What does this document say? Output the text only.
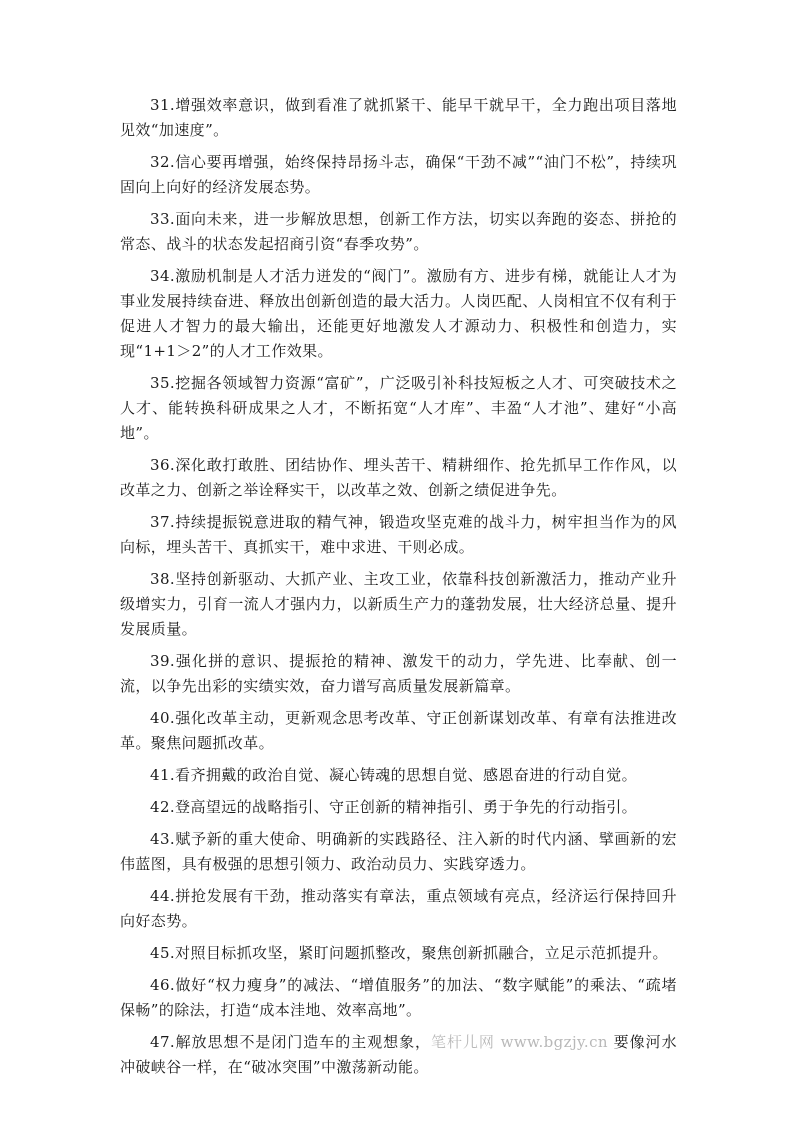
31.增强效率意识，做到看准了就抓紧干、能早干就早干，全力跑出项目落地见效“加速度”。

32.信心要再增强，始终保持昂扬斗志，确保“干劲不减”“油门不松”，持续巩固向上向好的经济发展态势。

33.面向未来，进一步解放思想，创新工作方法，切实以奔跑的姿态、拼抢的常态、战斗的状态发起招商引资“春季攻势”。

34.激励机制是人才活力迸发的“阀门”。激励有方、进步有梯，就能让人才为事业发展持续奋进、释放出创新创造的最大活力。人岗匹配、人岗相宜不仅有利于促进人才智力的最大输出，还能更好地激发人才源动力、积极性和创造力，实现“1+1＞2”的人才工作效果。

35.挖掘各领域智力资源“富矿”，广泛吸引补科技短板之人才、可突破技术之人才、能转换科研成果之人才，不断拓宽“人才库”、丰盈“人才池”、建好“小高地”。

36.深化敢打敢胜、团结协作、埋头苦干、精耕细作、抢先抓早工作作风，以改革之力、创新之举诠释实干，以改革之效、创新之绩促进争先。

37.持续提振锐意进取的精气神，锻造攻坚克难的战斗力，树牢担当作为的风向标，埋头苦干、真抓实干，难中求进、干则必成。

38.坚持创新驱动、大抓产业、主攻工业，依靠科技创新激活力，推动产业升级增实力，引育一流人才强内力，以新质生产力的蓬勃发展，壮大经济总量、提升发展质量。

39.强化拼的意识、提振抢的精神、激发干的动力，学先进、比奉献、创一流，以争先出彩的实绩实效，奋力谱写高质量发展新篇章。

40.强化改革主动，更新观念思考改革、守正创新谋划改革、有章有法推进改革。聚焦问题抓改革。

41.看齐拥戴的政治自觉、凝心铸魂的思想自觉、感恩奋进的行动自觉。

42.登高望远的战略指引、守正创新的精神指引、勇于争先的行动指引。

43.赋予新的重大使命、明确新的实践路径、注入新的时代内涵、擘画新的宏伟蓝图，具有极强的思想引领力、政治动员力、实践穿透力。

44.拼抢发展有干劲，推动落实有章法，重点领域有亮点，经济运行保持回升向好态势。

45.对照目标抓攻坚，紧盯问题抓整改，聚焦创新抓融合，立足示范抓提升。

46.做好“权力瘦身”的减法、“增值服务”的加法、“数字赋能”的乘法、“疏堵保畅”的除法，打造“成本洼地、效率高地”。

47.解放思想不是闭门造车的主观想象，笔杆儿网 www.bgzjy.cn 要像河水冲破峡谷一样，在“破冰突围”中激荡新动能。
